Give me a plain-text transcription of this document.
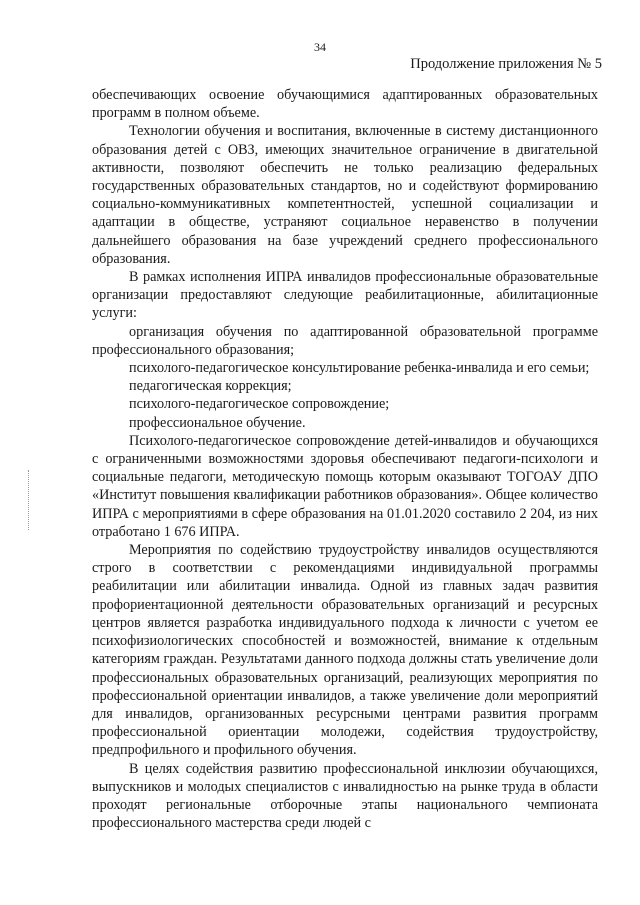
34
Продолжение приложения № 5

обеспечивающих освоение обучающимися адаптированных образовательных программ в полном объеме.

Технологии обучения и воспитания, включенные в систему дистанционного образования детей с ОВЗ, имеющих значительное ограничение в двигательной активности, позволяют обеспечить не только реализацию федеральных государственных образовательных стандартов, но и содействуют формированию социально-коммуникативных компетентностей, успешной социализации и адаптации в обществе, устраняют социальное неравенство в получении дальнейшего образования на базе учреждений среднего профессионального образования.

В рамках исполнения ИПРА инвалидов профессиональные образовательные организации предоставляют следующие реабилитационные, абилитационные услуги:

организация обучения по адаптированной образовательной программе профессионального образования;

психолого-педагогическое консультирование ребенка-инвалида и его семьи;

педагогическая коррекция;

психолого-педагогическое сопровождение;

профессиональное обучение.

Психолого-педагогическое сопровождение детей-инвалидов и обучающихся с ограниченными возможностями здоровья обеспечивают педагоги-психологи и социальные педагоги, методическую помощь которым оказывают ТОГОАУ ДПО «Институт повышения квалификации работников образования». Общее количество ИПРА с мероприятиями в сфере образования на 01.01.2020 составило 2 204, из них отработано 1 676 ИПРА.

Мероприятия по содействию трудоустройству инвалидов осуществляются строго в соответствии с рекомендациями индивидуальной программы реабилитации или абилитации инвалида. Одной из главных задач развития профориентационной деятельности образовательных организаций и ресурсных центров является разработка индивидуального подхода к личности с учетом ее психофизиологических способностей и возможностей, внимание к отдельным категориям граждан. Результатами данного подхода должны стать увеличение доли профессиональных образовательных организаций, реализующих мероприятия по профессиональной ориентации инвалидов, а также увеличение доли мероприятий для инвалидов, организованных ресурсными центрами развития программ профессиональной ориентации молодежи, содействия трудоустройству, предпрофильного и профильного обучения.

В целях содействия развитию профессиональной инклюзии обучающихся, выпускников и молодых специалистов с инвалидностью на рынке труда в области проходят региональные отборочные этапы национального чемпионата профессионального мастерства среди людей с
